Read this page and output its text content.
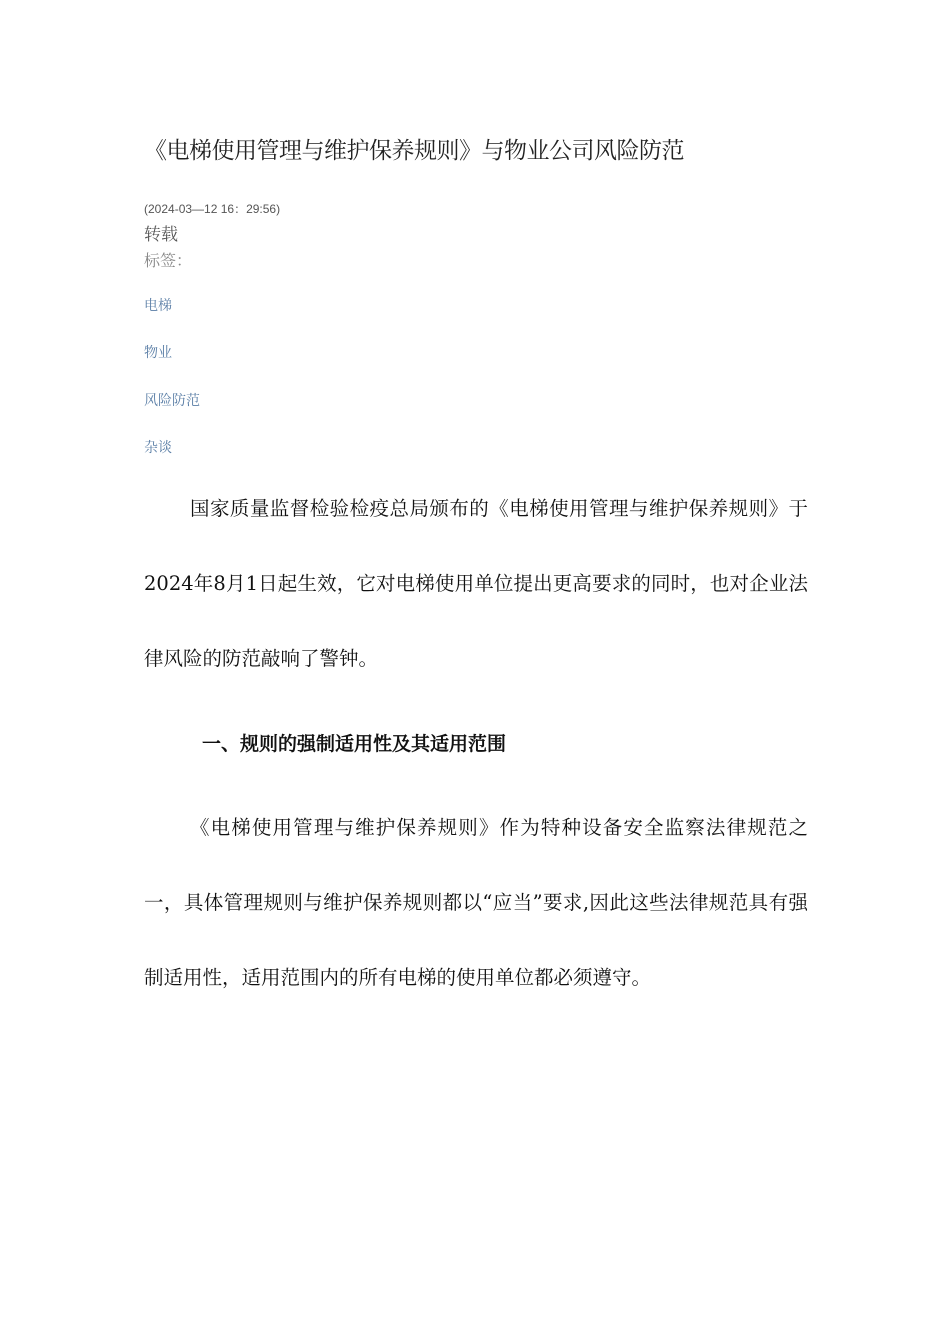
《电梯使用管理与维护保养规则》与物业公司风险防范
(2024-03—12 16：29:56)
转载
标签：
电梯
物业
风险防范
杂谈

国家质量监督检验检疫总局颁布的《电梯使用管理与维护保养规则》于 2024年8月1日起生效，它对电梯使用单位提出更高要求的同时，也对企业法律风险的防范敲响了警钟。

一、规则的强制适用性及其适用范围

《电梯使用管理与维护保养规则》作为特种设备安全监察法律规范之一，具体管理规则与维护保养规则都以“应当”要求,因此这些法律规范具有强制适用性，适用范围内的所有电梯的使用单位都必须遵守。
